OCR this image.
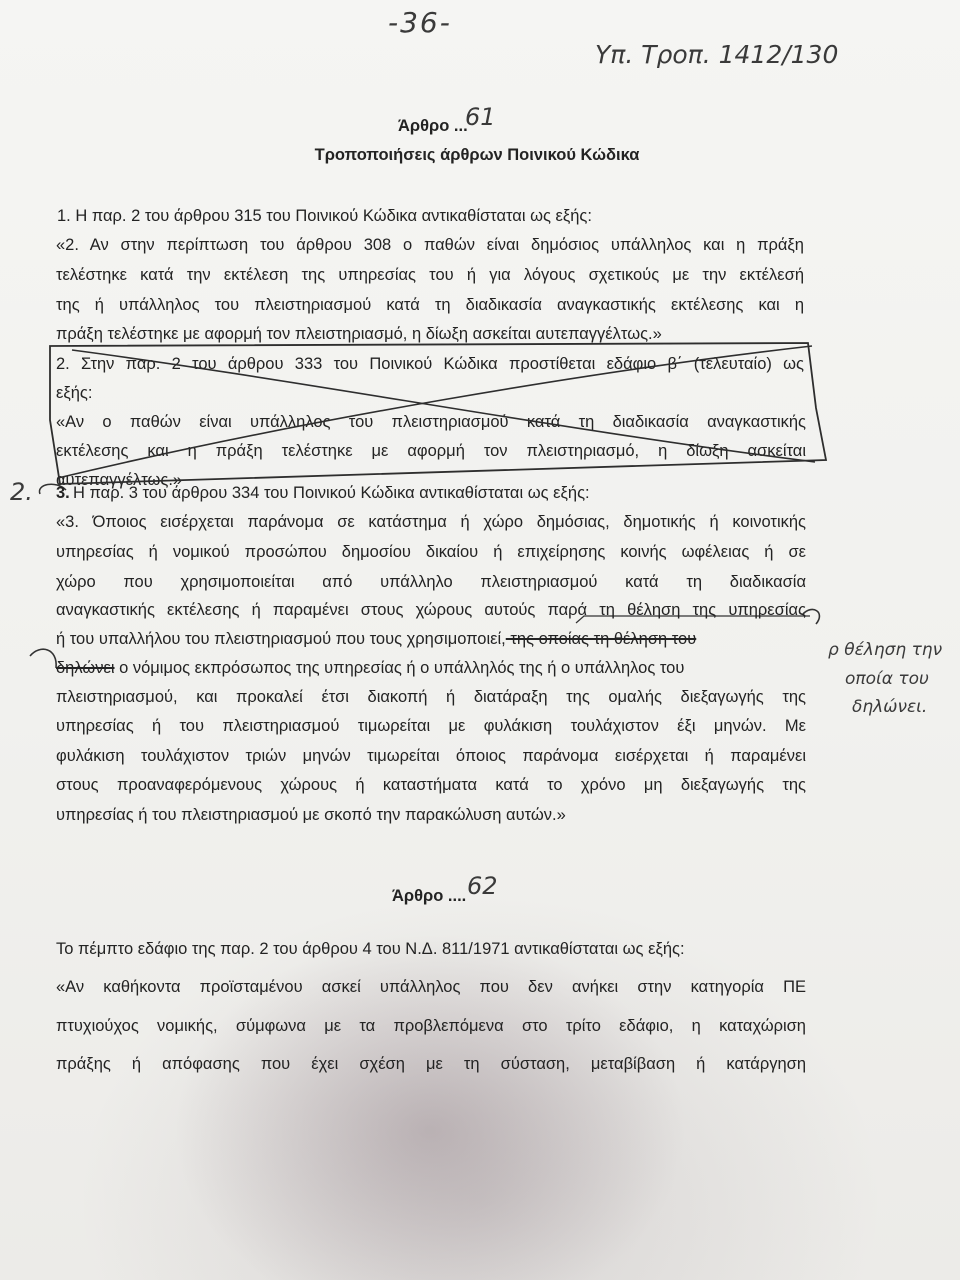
-36-
Υπ. Τροπ. 1412/130
Άρθρο ...
61
Τροποποιήσεις άρθρων Ποινικού Κώδικα
1. Η παρ. 2 του άρθρου 315 του Ποινικού Κώδικα αντικαθίσταται ως εξής:
«2. Αν στην περίπτωση του άρθρου 308 ο παθών είναι δημόσιος υπάλληλος και η πράξη
τελέστηκε κατά την εκτέλεση της υπηρεσίας του ή για λόγους σχετικούς με την εκτέλεσή
της ή υπάλληλος του πλειστηριασμού κατά τη διαδικασία αναγκαστικής εκτέλεσης και η
πράξη τελέστηκε με αφορμή τον πλειστηριασμό, η δίωξη ασκείται αυτεπαγγέλτως.»
2. Στην παρ. 2 του άρθρου 333 του Ποινικού Κώδικα προστίθεται εδάφιο β΄ (τελευταίο) ως
εξής:
«Αν ο παθών είναι υπάλληλος του πλειστηριασμού κατά τη διαδικασία αναγκαστικής
εκτέλεσης και η πράξη τελέστηκε με αφορμή τον πλειστηριασμό, η δίωξη ασκείται
αυτεπαγγέλτως.»
2. 3. Η παρ. 3 του άρθρου 334 του Ποινικού Κώδικα αντικαθίσταται ως εξής:
«3. Όποιος εισέρχεται παράνομα σε κατάστημα ή χώρο δημόσιας, δημοτικής ή κοινοτικής
υπηρεσίας ή νομικού προσώπου δημοσίου δικαίου ή επιχείρησης κοινής ωφέλειας ή σε
χώρο που χρησιμοποιείται από υπάλληλο πλειστηριασμού κατά τη διαδικασία
αναγκαστικής εκτέλεσης ή παραμένει στους χώρους αυτούς παρά τη θέληση της υπηρεσίας
ή του υπαλλήλου του πλειστηριασμού που τους χρησιμοποιεί, της οποίας τη θέληση του
δηλώνει ο νόμιμος εκπρόσωπος της υπηρεσίας ή ο υπάλληλός της ή ο υπάλληλος του
πλειστηριασμού, και προκαλεί έτσι διακοπή ή διατάραξη της ομαλής διεξαγωγής της
υπηρεσίας ή του πλειστηριασμού τιμωρείται με φυλάκιση τουλάχιστον έξι μηνών. Με
φυλάκιση τουλάχιστον τριών μηνών τιμωρείται όποιος παράνομα εισέρχεται ή παραμένει
στους προαναφερόμενους χώρους ή καταστήματα κατά το χρόνο μη διεξαγωγής της
υπηρεσίας ή του πλειστηριασμού με σκοπό την παρακώλυση αυτών.»
ρ θέληση την
οποία του
δηλώνει.
Άρθρο .... 62
Το πέμπτο εδάφιο της παρ. 2 του άρθρου 4 του Ν.Δ. 811/1971 αντικαθίσταται ως εξής:
«Αν καθήκοντα προϊσταμένου ασκεί υπάλληλος που δεν ανήκει στην κατηγορία ΠΕ
πτυχιούχος νομικής, σύμφωνα με τα προβλεπόμενα στο τρίτο εδάφιο, η καταχώριση
πράξης ή απόφασης που έχει σχέση με τη σύσταση, μεταβίβαση ή κατάργηση
